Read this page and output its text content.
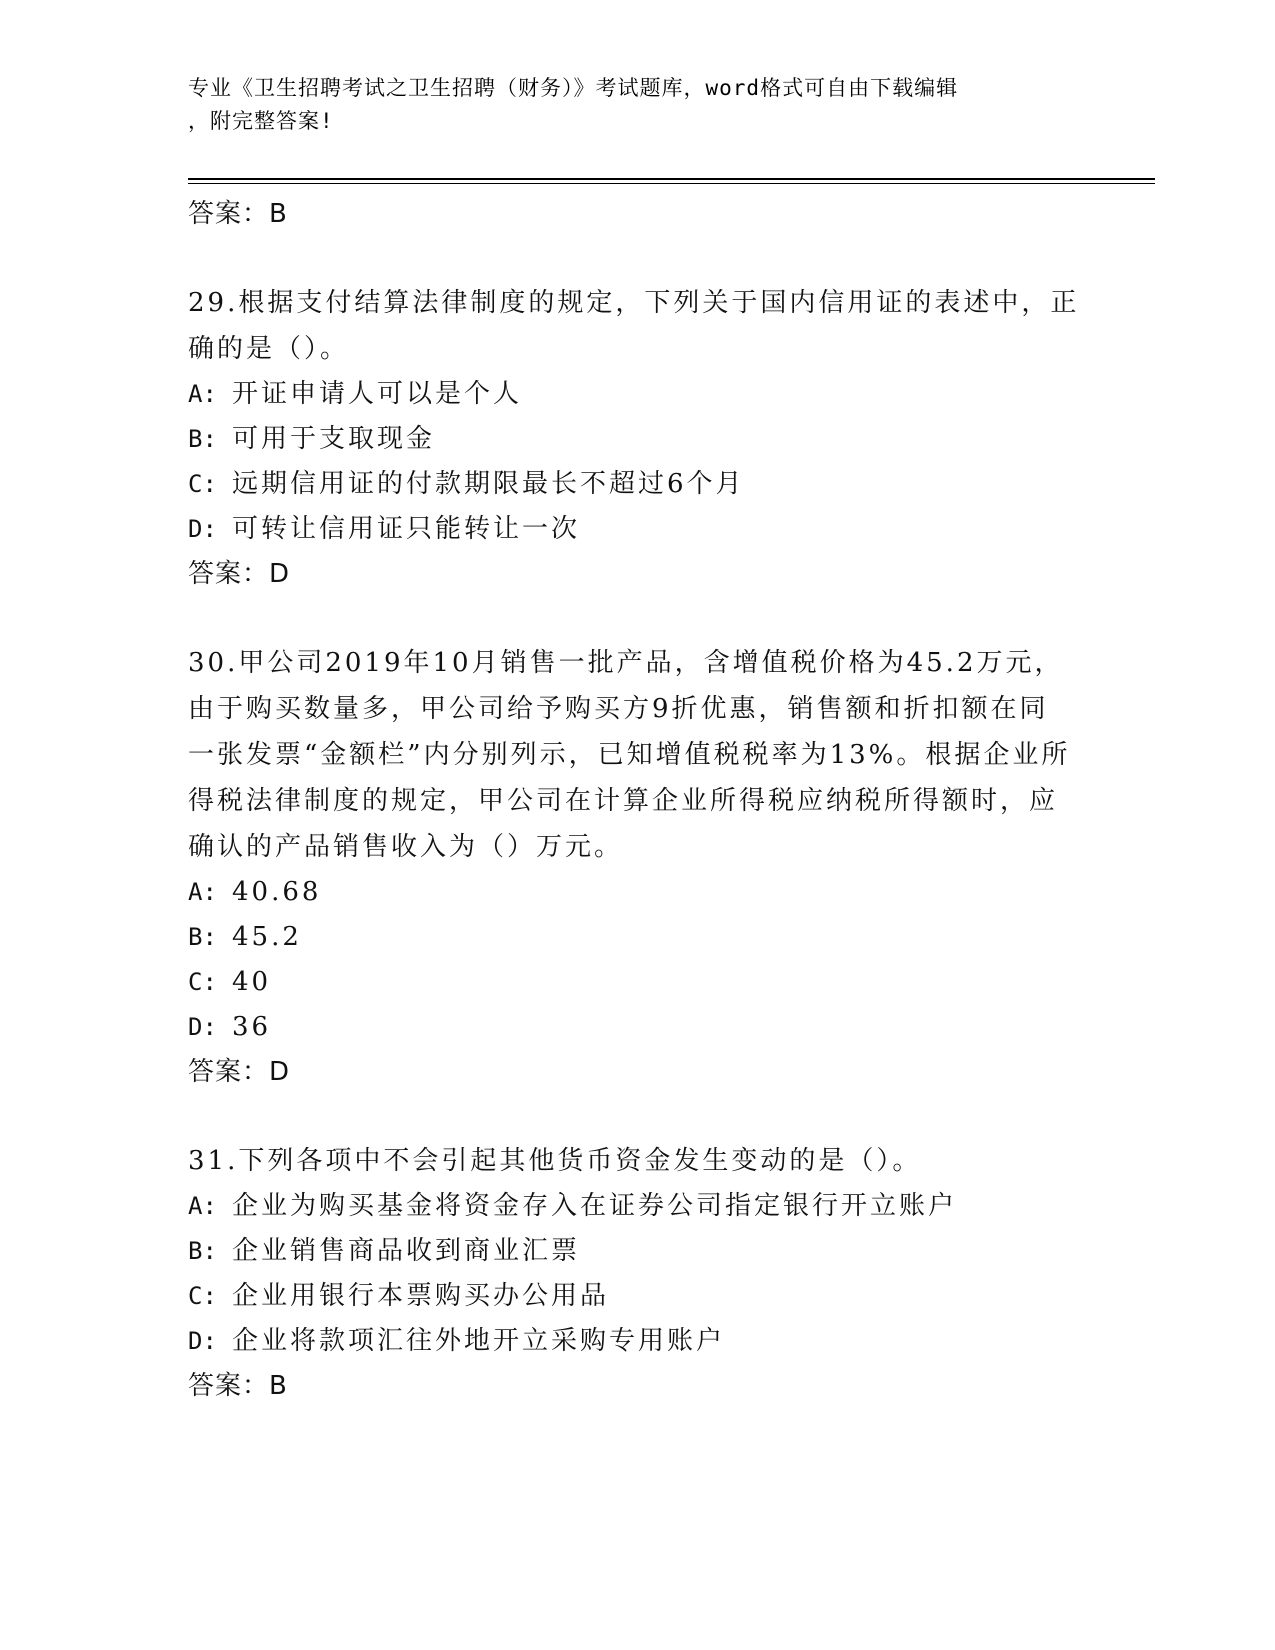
专业《卫生招聘考试之卫生招聘（财务）》考试题库，word格式可自由下载编辑
，附完整答案!
答案：B
29.根据支付结算法律制度的规定，下列关于国内信用证的表述中，正
确的是（）。
A: 开证申请人可以是个人
B: 可用于支取现金
C: 远期信用证的付款期限最长不超过6个月
D: 可转让信用证只能转让一次
答案：D
30.甲公司2019年10月销售一批产品，含增值税价格为45.2万元，
由于购买数量多，甲公司给予购买方9折优惠，销售额和折扣额在同
一张发票“金额栏”内分别列示，已知增值税税率为13%。根据企业所
得税法律制度的规定，甲公司在计算企业所得税应纳税所得额时，应
确认的产品销售收入为（）万元。
A: 40.68
B: 45.2
C: 40
D: 36
答案：D
31.下列各项中不会引起其他货币资金发生变动的是（）。
A: 企业为购买基金将资金存入在证券公司指定银行开立账户
B: 企业销售商品收到商业汇票
C: 企业用银行本票购买办公用品
D: 企业将款项汇往外地开立采购专用账户
答案：B
